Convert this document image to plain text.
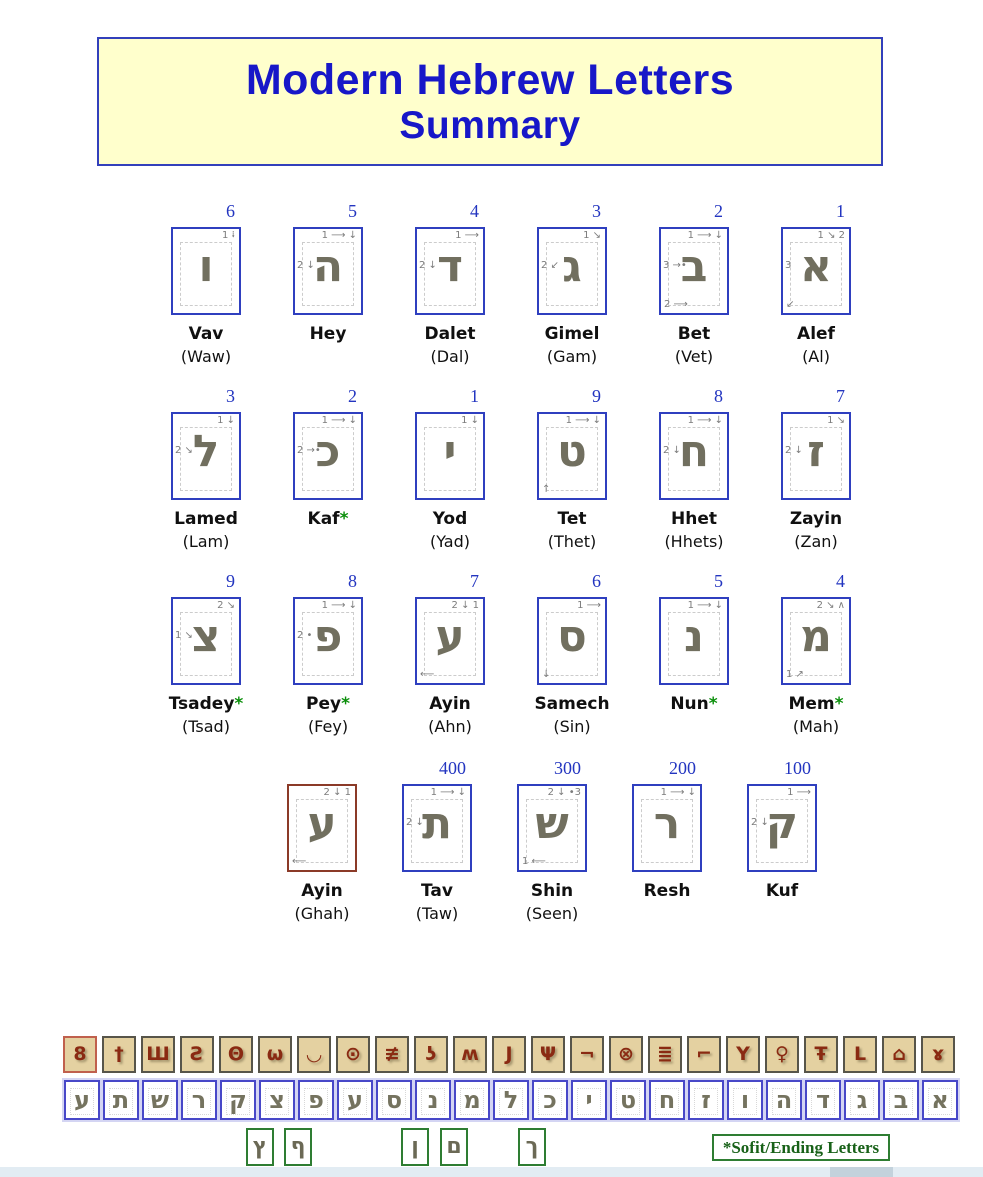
Modern Hebrew Letters
Summary
6
ו
1 ⭭
Vav
(Waw)
5
ה
1 ⟶ ↓
2 ↓
Hey
4
ד
1 ⟶
2 ↓
Dalet
(Dal)
3
ג
1 ↘
2 ↙
Gimel
(Gam)
2
ב
1 ⟶ ↓
3 →•
2 ⟶
Bet
(Vet)
1
א
1 ↘ 2
3
↙
Alef
(Al)
3
ל
1 ↓
2 ↘
Lamed
(Lam)
2
כ
1 ⟶ ↓
2 →•
Kaf*
1
י
1 ↓
Yod
(Yad)
9
ט
1 ⟶ ↓
↑
Tet
(Thet)
8
ח
1 ⟶ ↓
2 ↓
Hhet
(Hhets)
7
ז
1 ↘
2 ↓
Zayin
(Zan)
9
צ
2 ↘
1 ↘
Tsadey*
(Tsad)
8
פ
1 ⟶ ↓
2 •
Pey*
(Fey)
7
ע
2 ↓ 1
⟵
Ayin
(Ahn)
6
ס
1 ⟶
↓
Samech
(Sin)
5
נ
1 ⟶ ↓
Nun*
4
מ
2 ↘ ∧
1 ↗
Mem*
(Mah)
ע
2 ↓ 1
⟵
Ayin
(Ghah)
400
ת
1 ⟶ ↓
2 ↓
Tav
(Taw)
300
ש
2 ↓ •3
1 ⟵
Shin
(Seen)
200
ר
1 ⟶ ↓
Resh
100
ק
1 ⟶
2 ↓
Kuf
8 † Ш Ƨ Θ ѡ ◡ ⊙ ≢ ʖ ʍ J Ψ ¬ ⊗ ≣ ⌐ Y ♀ Ŧ L ⌂ ɤ
ע ת ש ר ק צ פ ע ס נ מ ל כ י ט ח ז ו ה ד ג ב א
ץ ף	ן ם	ך	*Sofit/Ending Letters
